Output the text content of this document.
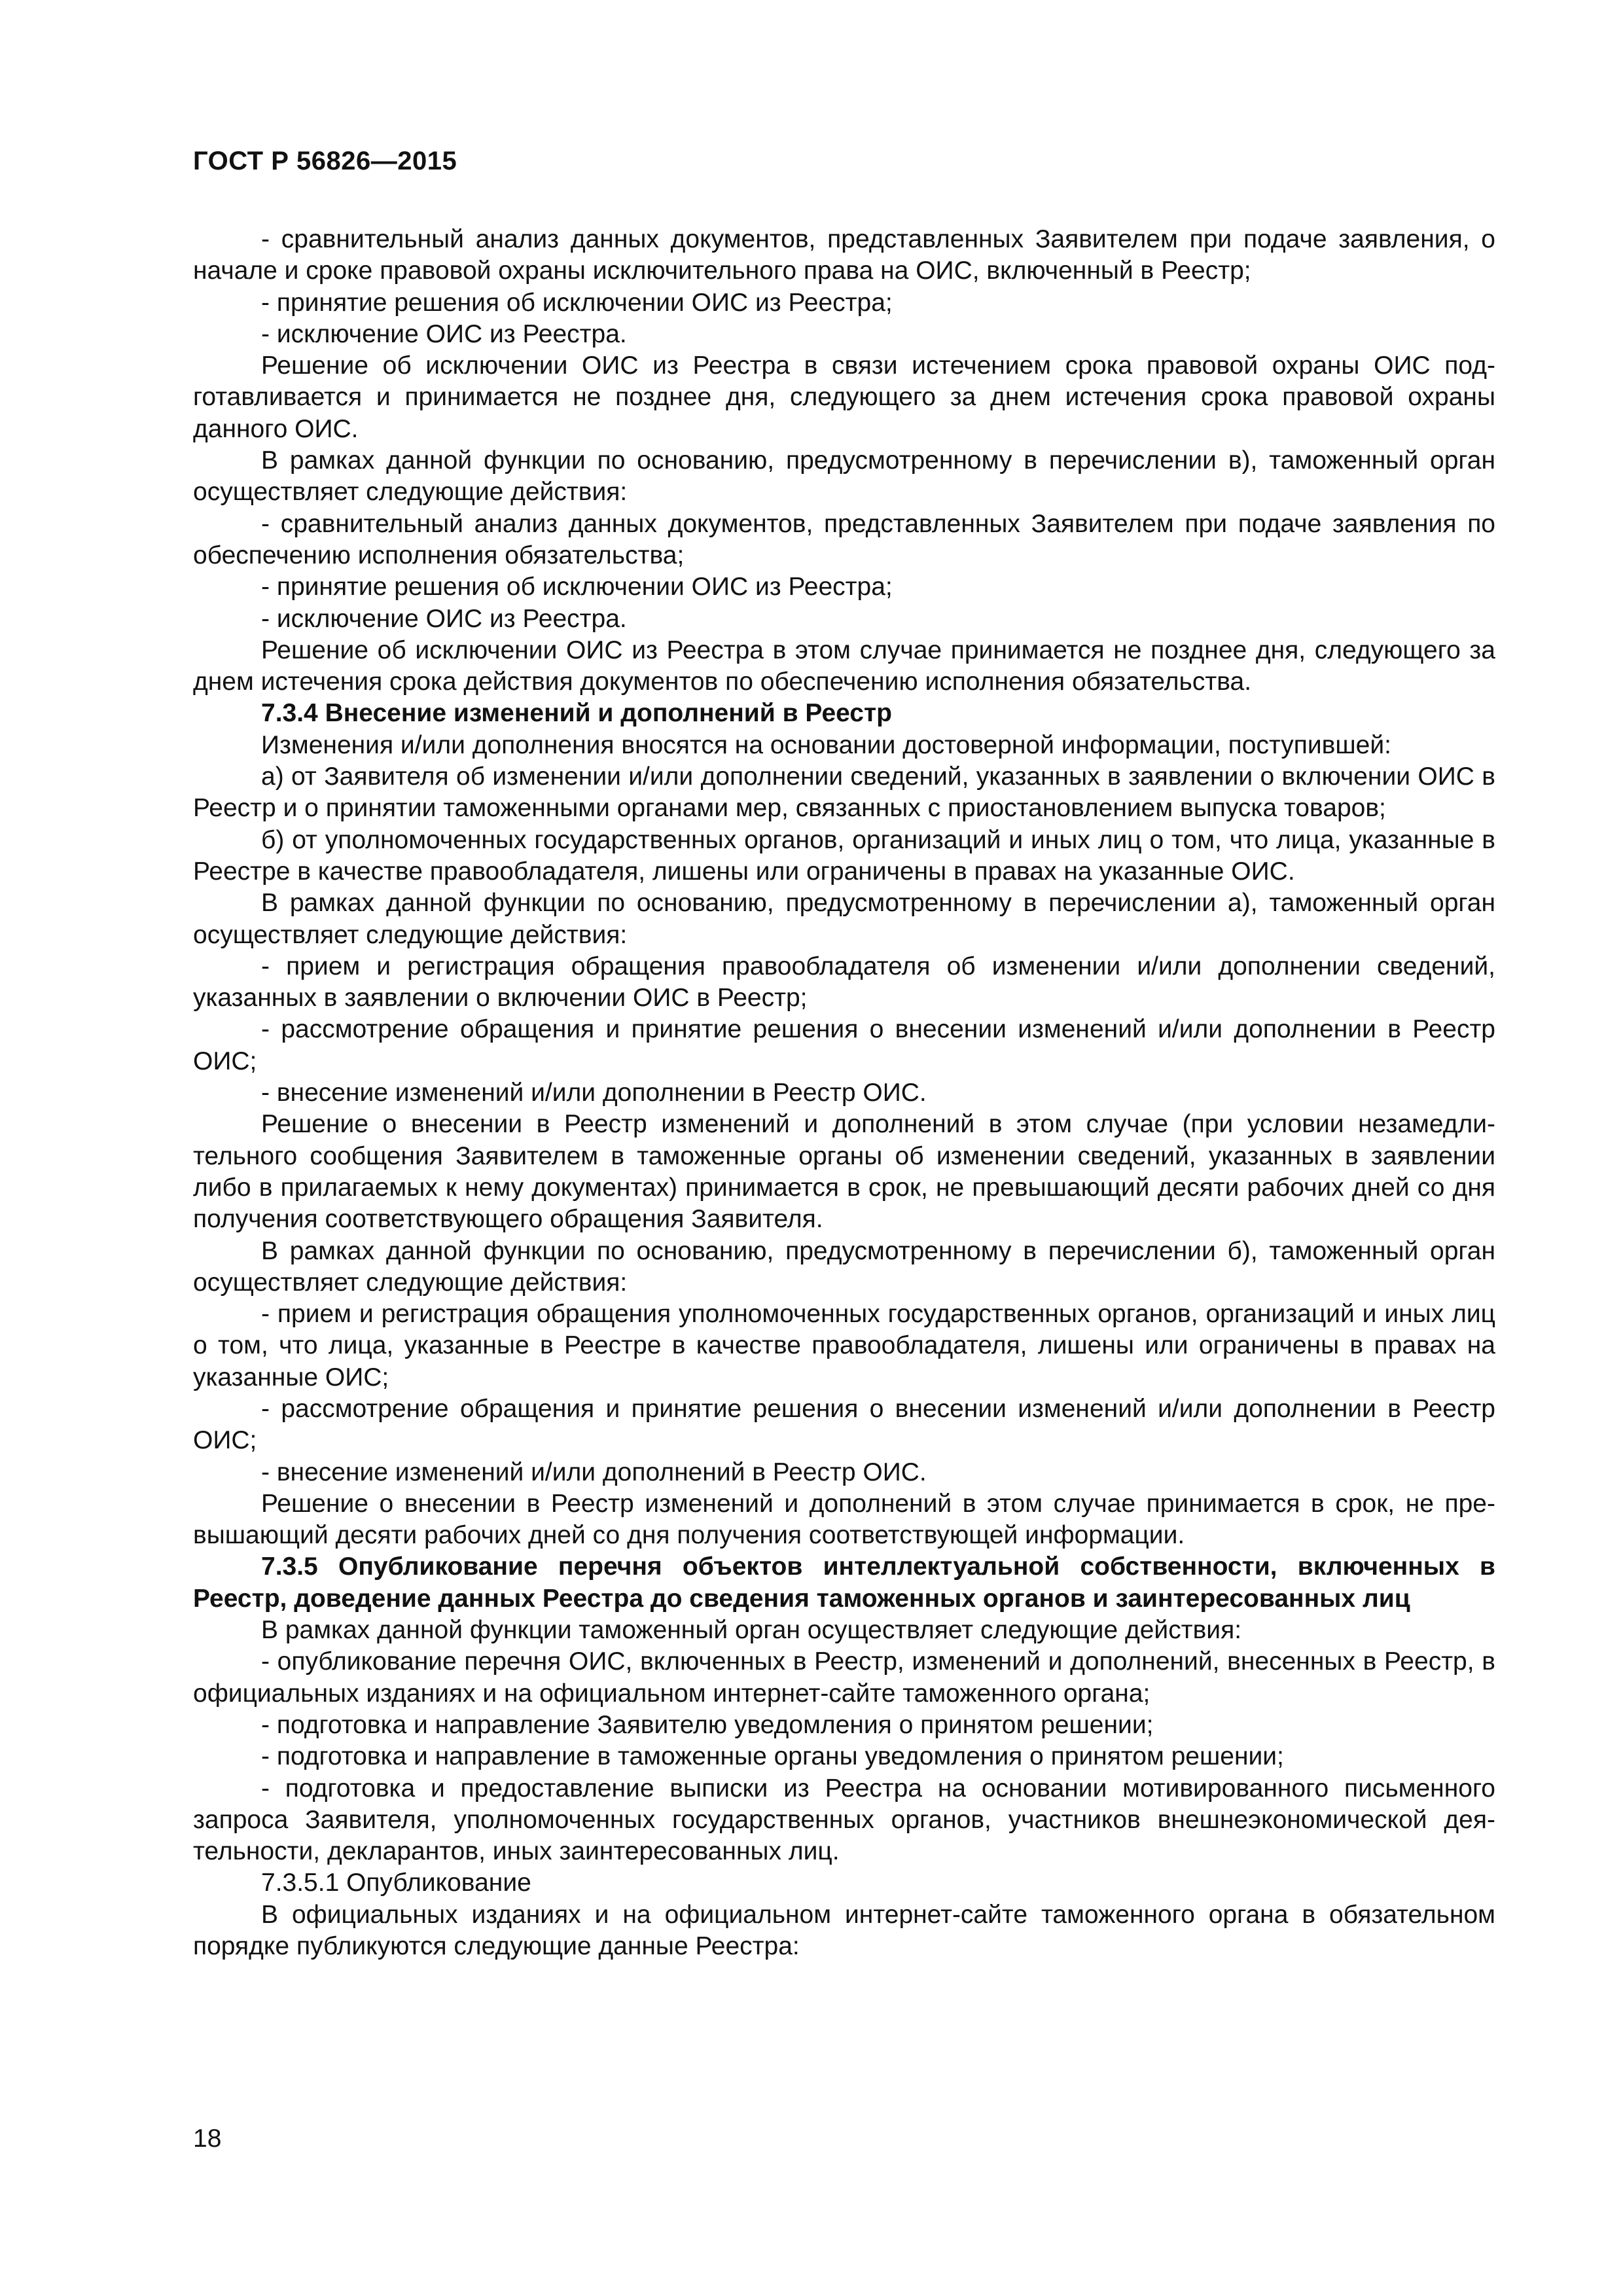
ГОСТ Р 56826—2015

- сравнительный анализ данных документов, представленных Заявителем при подаче заявления, о начале и сроке правовой охраны исключительного права на ОИС, включенный в Реестр;

- принятие решения об исключении ОИС из Реестра;

- исключение ОИС из Реестра.

Решение об исключении ОИС из Реестра в связи истечением срока правовой охраны ОИС подготавливается и принимается не позднее дня, следующего за днем истечения срока правовой охраны данного ОИС.

В рамках данной функции по основанию, предусмотренному в перечислении в), таможенный орган осуществляет следующие действия:

- сравнительный анализ данных документов, представленных Заявителем при подаче заявления по обеспечению исполнения обязательства;

- принятие решения об исключении ОИС из Реестра;

- исключение ОИС из Реестра.

Решение об исключении ОИС из Реестра в этом случае принимается не позднее дня, следующего за днем истечения срока действия документов по обеспечению исполнения обязательства.

7.3.4 Внесение изменений и дополнений в Реестр

Изменения и/или дополнения вносятся на основании достоверной информации, поступившей:

а) от Заявителя об изменении и/или дополнении сведений, указанных в заявлении о включении ОИС в Реестр и о принятии таможенными органами мер, связанных с приостановлением выпуска товаров;

б) от уполномоченных государственных органов, организаций и иных лиц о том, что лица, указанные в Реестре в качестве правообладателя, лишены или ограничены в правах на указанные ОИС.

В рамках данной функции по основанию, предусмотренному в перечислении а), таможенный орган осуществляет следующие действия:

- прием и регистрация обращения правообладателя об изменении и/или дополнении сведений, указанных в заявлении о включении ОИС в Реестр;

- рассмотрение обращения и принятие решения о внесении изменений и/или дополнении в Реестр ОИС;

- внесение изменений и/или дополнении в Реестр ОИС.

Решение о внесении в Реестр изменений и дополнений в этом случае (при условии незамедлительного сообщения Заявителем в таможенные органы об изменении сведений, указанных в заявлении либо в прилагаемых к нему документах) принимается в срок, не превышающий десяти рабочих дней со дня получения соответствующего обращения Заявителя.

В рамках данной функции по основанию, предусмотренному в перечислении б), таможенный орган осуществляет следующие действия:

- прием и регистрация обращения уполномоченных государственных органов, организаций и иных лиц о том, что лица, указанные в Реестре в качестве правообладателя, лишены или ограничены в правах на указанные ОИС;

- рассмотрение обращения и принятие решения о внесении изменений и/или дополнении в Реестр ОИС;

- внесение изменений и/или дополнений в Реестр ОИС.

Решение о внесении в Реестр изменений и дополнений в этом случае принимается в срок, не превышающий десяти рабочих дней со дня получения соответствующей информации.

7.3.5 Опубликование перечня объектов интеллектуальной собственности, включенных в Реестр, доведение данных Реестра до сведения таможенных органов и заинтересованных лиц

В рамках данной функции таможенный орган осуществляет следующие действия:

- опубликование перечня ОИС, включенных в Реестр, изменений и дополнений, внесенных в Реестр, в официальных изданиях и на официальном интернет-сайте таможенного органа;

- подготовка и направление Заявителю уведомления о принятом решении;

- подготовка и направление в таможенные органы уведомления о принятом решении;

- подготовка и предоставление выписки из Реестра на основании мотивированного письменного запроса Заявителя, уполномоченных государственных органов, участников внешнеэкономической деятельности, декларантов, иных заинтересованных лиц.

7.3.5.1 Опубликование

В официальных изданиях и на официальном интернет-сайте таможенного органа в обязательном порядке публикуются следующие данные Реестра:

18
